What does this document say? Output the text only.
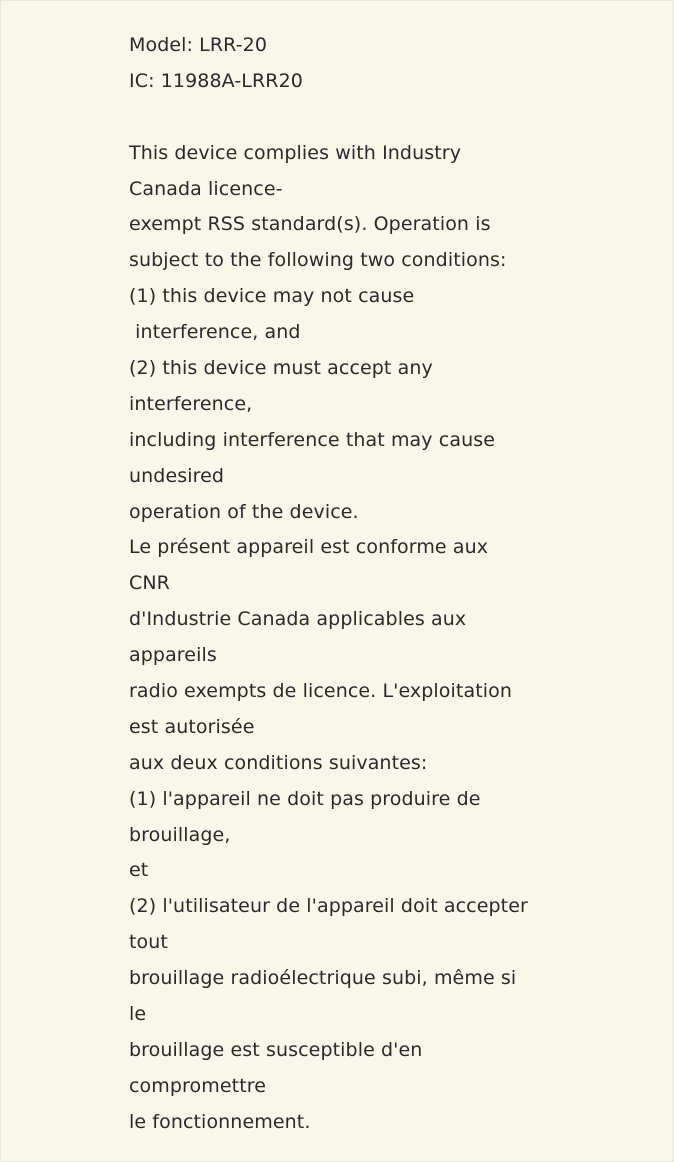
Model: LRR-20
IC: 11988A-LRR20
This device complies with Industry
Canada licence-
exempt RSS standard(s). Operation is
subject to the following two conditions:
(1) this device may not cause
interference, and
(2) this device must accept any
interference,
including interference that may cause
undesired
operation of the device.
Le présent appareil est conforme aux
CNR
d'Industrie Canada applicables aux
appareils
radio exempts de licence. L'exploitation
est autorisée
aux deux conditions suivantes:
(1) l'appareil ne doit pas produire de
brouillage,
et
(2) l'utilisateur de l'appareil doit accepter
tout
brouillage radioélectrique subi, même si
le
brouillage est susceptible d'en
compromettre
le fonctionnement.
